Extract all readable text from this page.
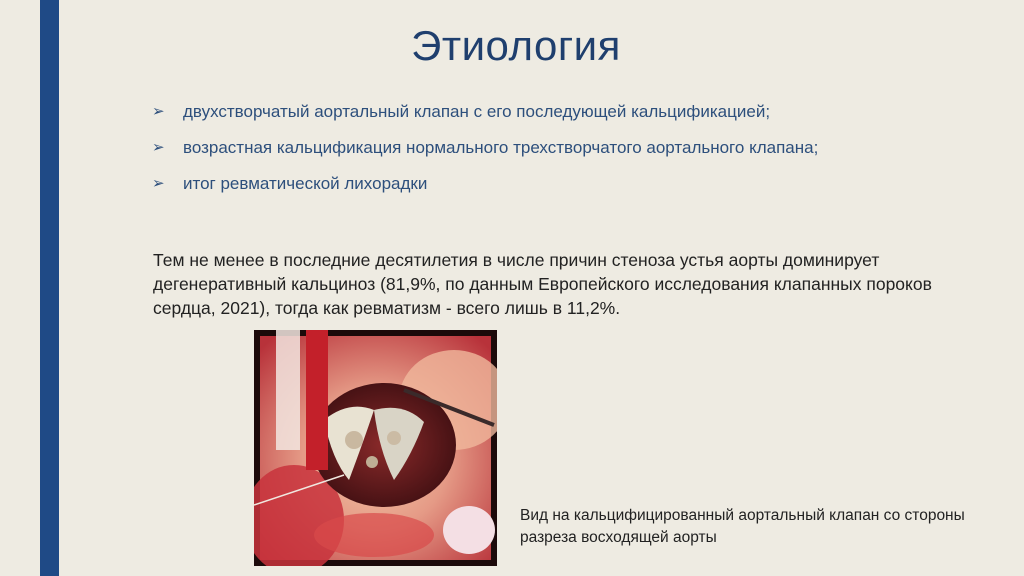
Этиология
➢ двухстворчатый аортальный клапан с его последующей кальцификацией;
➢ возрастная кальцификация нормального трехстворчатого аортального клапана;
➢ итог ревматической лихорадки

Тем не менее в последние десятилетия в числе причин стеноза устья аорты доминирует дегенеративный кальциноз (81,9%, по данным Европейского исследования клапанных пороков сердца, 2021), тогда как ревматизм - всего лишь в 11,2%.

Вид на кальцифицированный аортальный клапан со стороны разреза восходящей аорты
